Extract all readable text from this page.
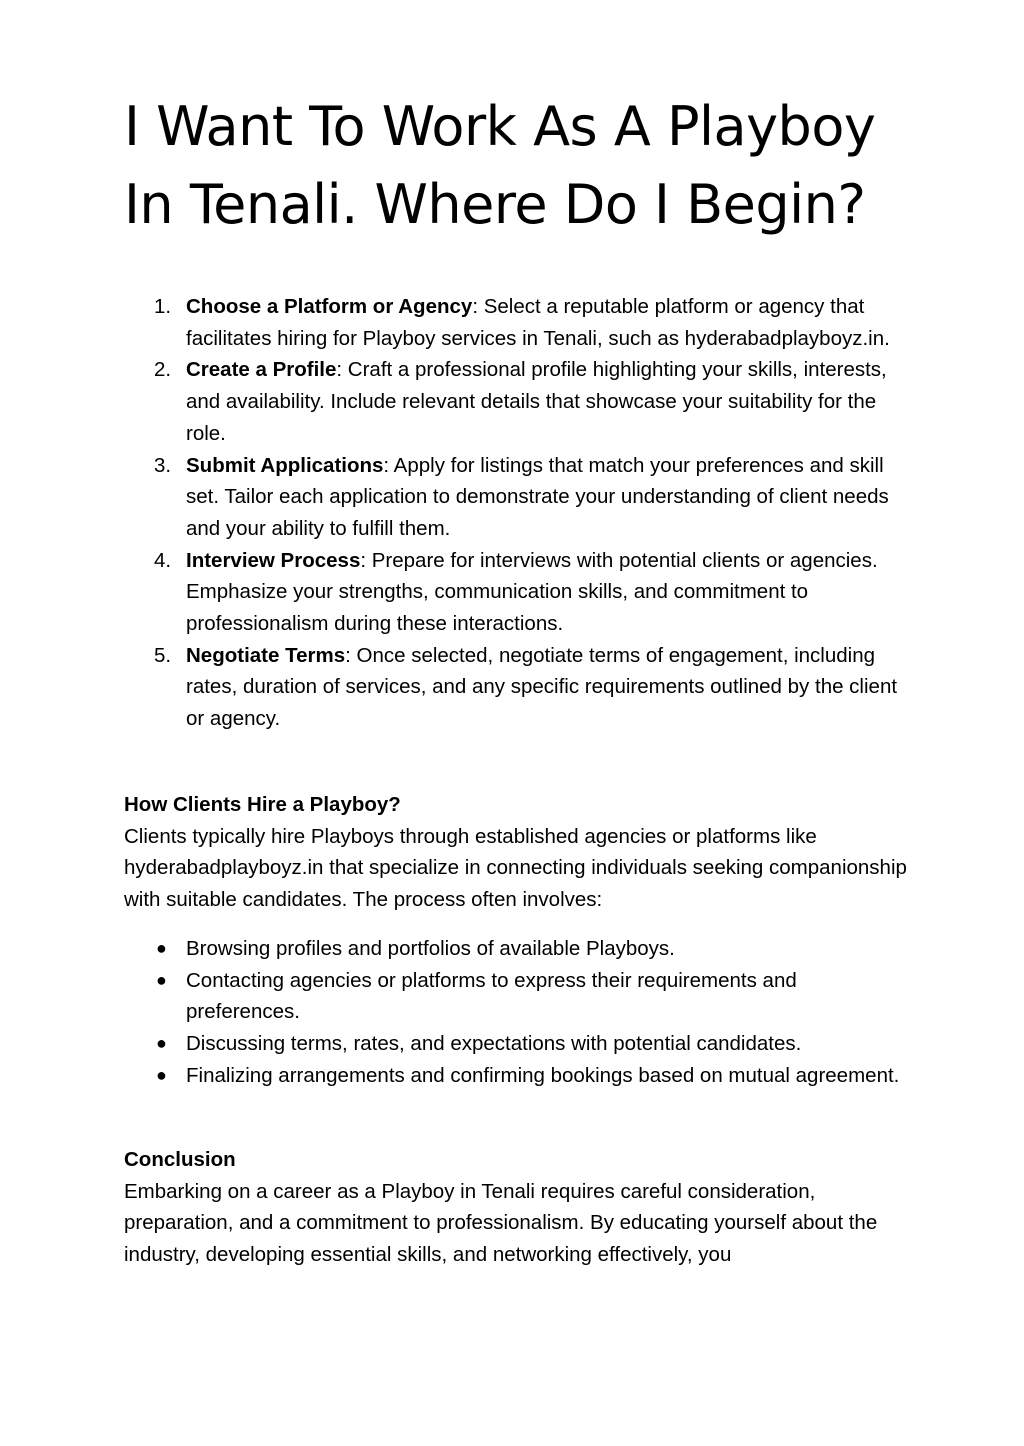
I Want To Work As A Playboy
In Tenali. Where Do I Begin?
1. Choose a Platform or Agency: Select a reputable platform or agency that facilitates hiring for Playboy services in Tenali, such as hyderabadplayboyz.in.
2. Create a Profile: Craft a professional profile highlighting your skills, interests, and availability. Include relevant details that showcase your suitability for the role.
3. Submit Applications: Apply for listings that match your preferences and skill set. Tailor each application to demonstrate your understanding of client needs and your ability to fulfill them.
4. Interview Process: Prepare for interviews with potential clients or agencies. Emphasize your strengths, communication skills, and commitment to professionalism during these interactions.
5. Negotiate Terms: Once selected, negotiate terms of engagement, including rates, duration of services, and any specific requirements outlined by the client or agency.

How Clients Hire a Playboy?

Clients typically hire Playboys through established agencies or platforms like hyderabadplayboyz.in that specialize in connecting individuals seeking companionship with suitable candidates. The process often involves:

● Browsing profiles and portfolios of available Playboys.
● Contacting agencies or platforms to express their requirements and preferences.
● Discussing terms, rates, and expectations with potential candidates.
● Finalizing arrangements and confirming bookings based on mutual agreement.

Conclusion

Embarking on a career as a Playboy in Tenali requires careful consideration, preparation, and a commitment to professionalism. By educating yourself about the industry, developing essential skills, and networking effectively, you
